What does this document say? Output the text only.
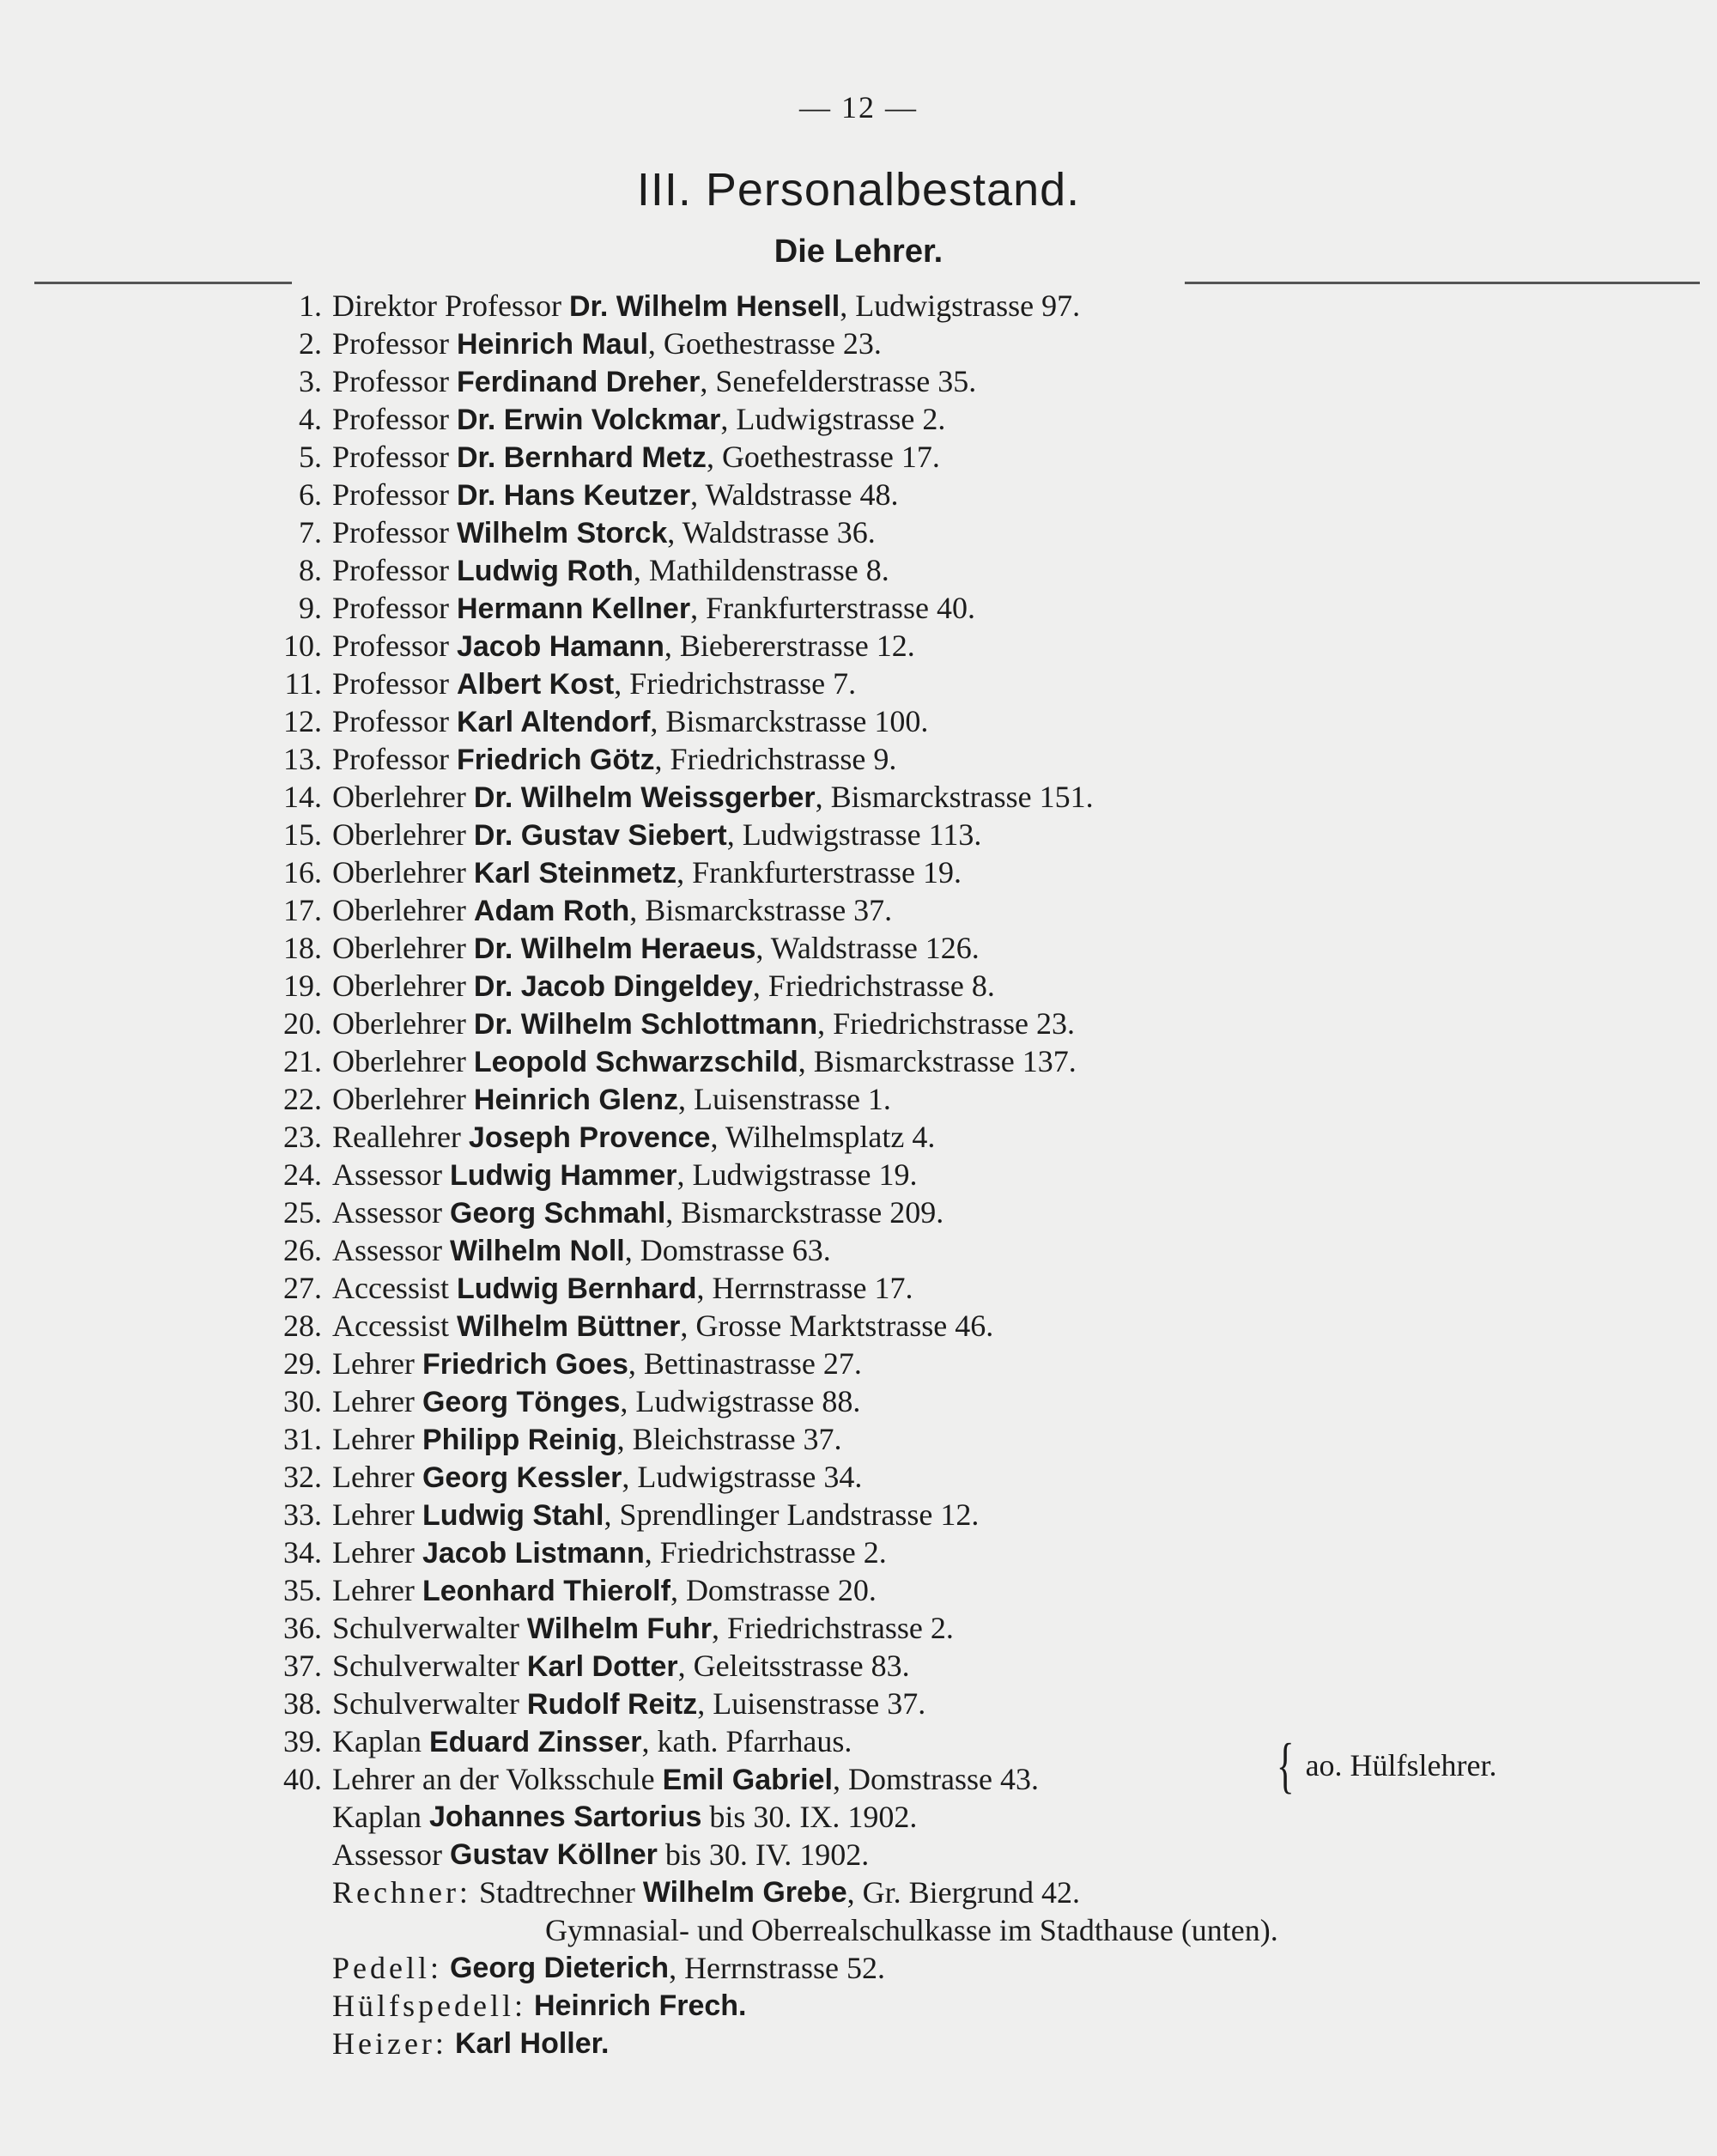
— 12 —
III. Personalbestand.
Die Lehrer.
1. Direktor Professor Dr. Wilhelm Hensell, Ludwigstrasse 97.
2. Professor Heinrich Maul, Goethestrasse 23.
3. Professor Ferdinand Dreher, Senefelderstrasse 35.
4. Professor Dr. Erwin Volckmar, Ludwigstrasse 2.
5. Professor Dr. Bernhard Metz, Goethestrasse 17.
6. Professor Dr. Hans Keutzer, Waldstrasse 48.
7. Professor Wilhelm Storck, Waldstrasse 36.
8. Professor Ludwig Roth, Mathildenstrasse 8.
9. Professor Hermann Kellner, Frankfurterstrasse 40.
10. Professor Jacob Hamann, Biebererstrasse 12.
11. Professor Albert Kost, Friedrichstrasse 7.
12. Professor Karl Altendorf, Bismarckstrasse 100.
13. Professor Friedrich Götz, Friedrichstrasse 9.
14. Oberlehrer Dr. Wilhelm Weissgerber, Bismarckstrasse 151.
15. Oberlehrer Dr. Gustav Siebert, Ludwigstrasse 113.
16. Oberlehrer Karl Steinmetz, Frankfurterstrasse 19.
17. Oberlehrer Adam Roth, Bismarckstrasse 37.
18. Oberlehrer Dr. Wilhelm Heraeus, Waldstrasse 126.
19. Oberlehrer Dr. Jacob Dingeldey, Friedrichstrasse 8.
20. Oberlehrer Dr. Wilhelm Schlottmann, Friedrichstrasse 23.
21. Oberlehrer Leopold Schwarzschild, Bismarckstrasse 137.
22. Oberlehrer Heinrich Glenz, Luisenstrasse 1.
23. Reallehrer Joseph Provence, Wilhelmsplatz 4.
24. Assessor Ludwig Hammer, Ludwigstrasse 19.
25. Assessor Georg Schmahl, Bismarckstrasse 209.
26. Assessor Wilhelm Noll, Domstrasse 63.
27. Accessist Ludwig Bernhard, Herrnstrasse 17.
28. Accessist Wilhelm Büttner, Grosse Marktstrasse 46.
29. Lehrer Friedrich Goes, Bettinastrasse 27.
30. Lehrer Georg Tönges, Ludwigstrasse 88.
31. Lehrer Philipp Reinig, Bleichstrasse 37.
32. Lehrer Georg Kessler, Ludwigstrasse 34.
33. Lehrer Ludwig Stahl, Sprendlinger Landstrasse 12.
34. Lehrer Jacob Listmann, Friedrichstrasse 2.
35. Lehrer Leonhard Thierolf, Domstrasse 20.
36. Schulverwalter Wilhelm Fuhr, Friedrichstrasse 2.
37. Schulverwalter Karl Dotter, Geleitsstrasse 83.
38. Schulverwalter Rudolf Reitz, Luisenstrasse 37.
39. Kaplan Eduard Zinsser, kath. Pfarrhaus.
40. Lehrer an der Volksschule Emil Gabriel, Domstrasse 43.
Kaplan
Johannes Sartorius
bis 30. IX. 1902.
Assessor
Gustav Köllner
bis 30. IV. 1902.
Rechner:
Stadtrechner
Wilhelm Grebe , Gr. Biergrund 42.
Gymnasial- und Oberrealschulkasse im Stadthause (unten).
Pedell:
Georg Dieterich , Herrnstrasse 52.
Hülfspedell:
Heinrich Frech.
Heizer:
Karl Holler.
{ ao. Hülfslehrer.
